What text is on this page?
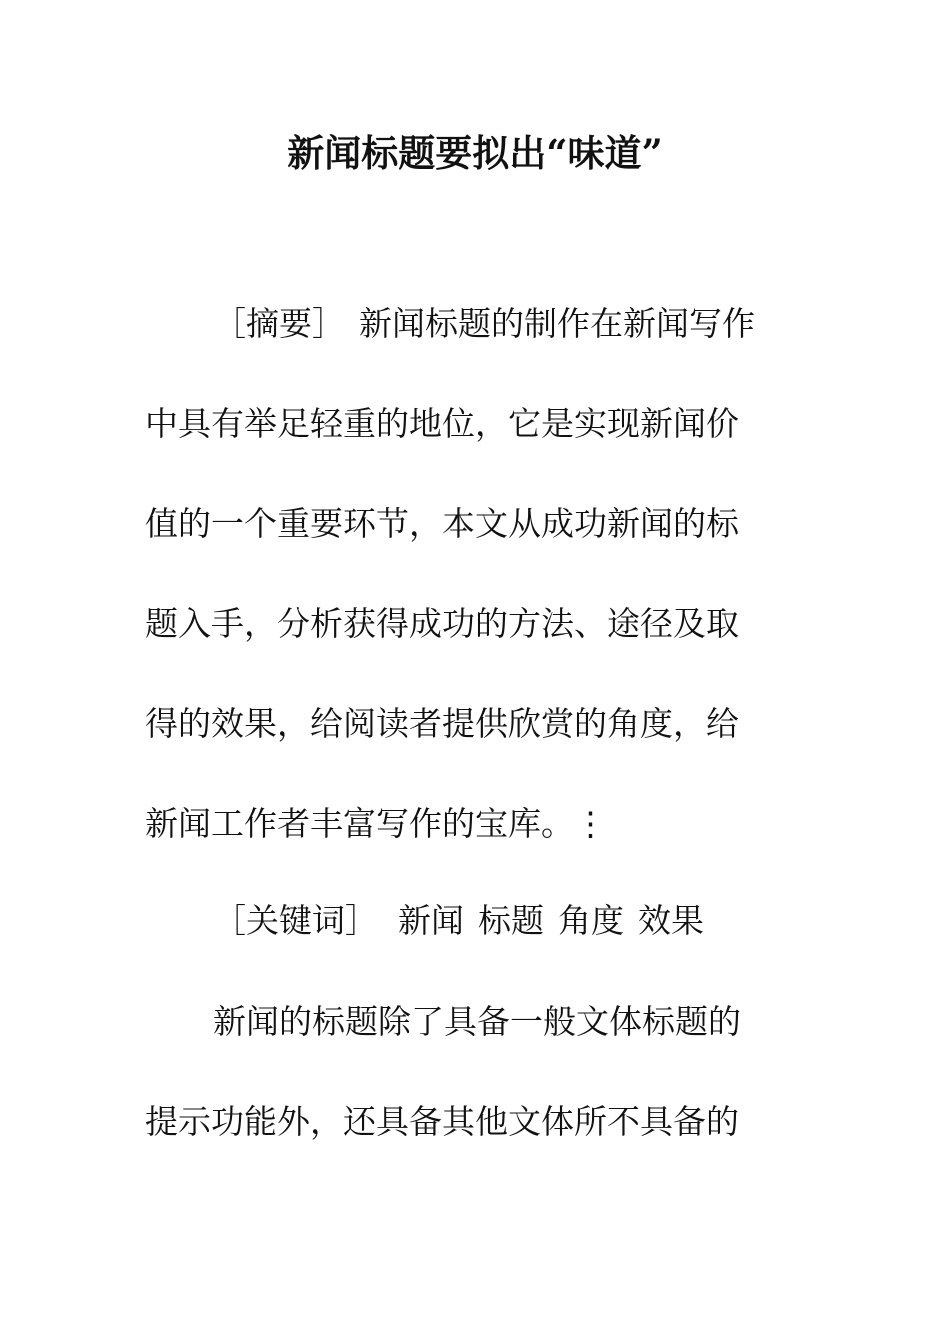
新闻标题要拟出“味道”
［摘要］ 新闻标题的制作在新闻写作
中具有举足轻重的地位，它是实现新闻价
值的一个重要环节，本文从成功新闻的标
题入手，分析获得成功的方法、途径及取
得的效果，给阅读者提供欣赏的角度，给
新闻工作者丰富写作的宝库。⋮
［关键词］ 新闻 标题 角度 效果
新闻的标题除了具备一般文体标题的
提示功能外，还具备其他文体所不具备的
